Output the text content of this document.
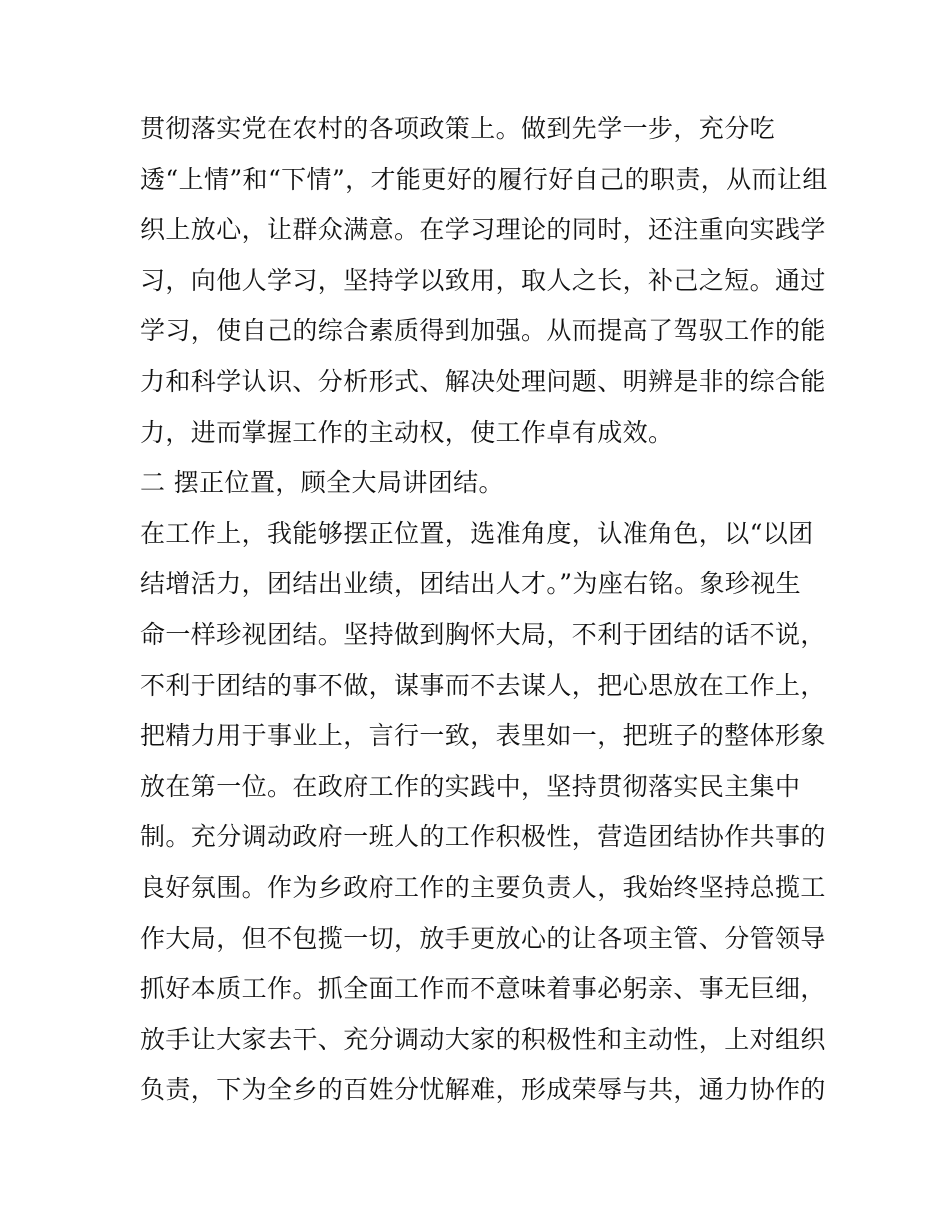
贯彻落实党在农村的各项政策上。做到先学一步，充分吃
透“上情”和“下情”，才能更好的履行好自己的职责，从而让组
织上放心，让群众满意。在学习理论的同时，还注重向实践学
习，向他人学习，坚持学以致用，取人之长，补己之短。通过
学习，使自己的综合素质得到加强。从而提高了驾驭工作的能
力和科学认识、分析形式、解决处理问题、明辨是非的综合能
力，进而掌握工作的主动权，使工作卓有成效。
二 摆正位置，顾全大局讲团结。
在工作上，我能够摆正位置，选准角度，认准角色，以“以团
结增活力，团结出业绩，团结出人才。”为座右铭。象珍视生
命一样珍视团结。坚持做到胸怀大局，不利于团结的话不说，
不利于团结的事不做，谋事而不去谋人，把心思放在工作上，
把精力用于事业上，言行一致，表里如一，把班子的整体形象
放在第一位。在政府工作的实践中，坚持贯彻落实民主集中
制。充分调动政府一班人的工作积极性，营造团结协作共事的
良好氛围。作为乡政府工作的主要负责人，我始终坚持总揽工
作大局，但不包揽一切，放手更放心的让各项主管、分管领导
抓好本质工作。抓全面工作而不意味着事必躬亲、事无巨细，
放手让大家去干、充分调动大家的积极性和主动性，上对组织
负责，下为全乡的百姓分忧解难，形成荣辱与共，通力协作的
